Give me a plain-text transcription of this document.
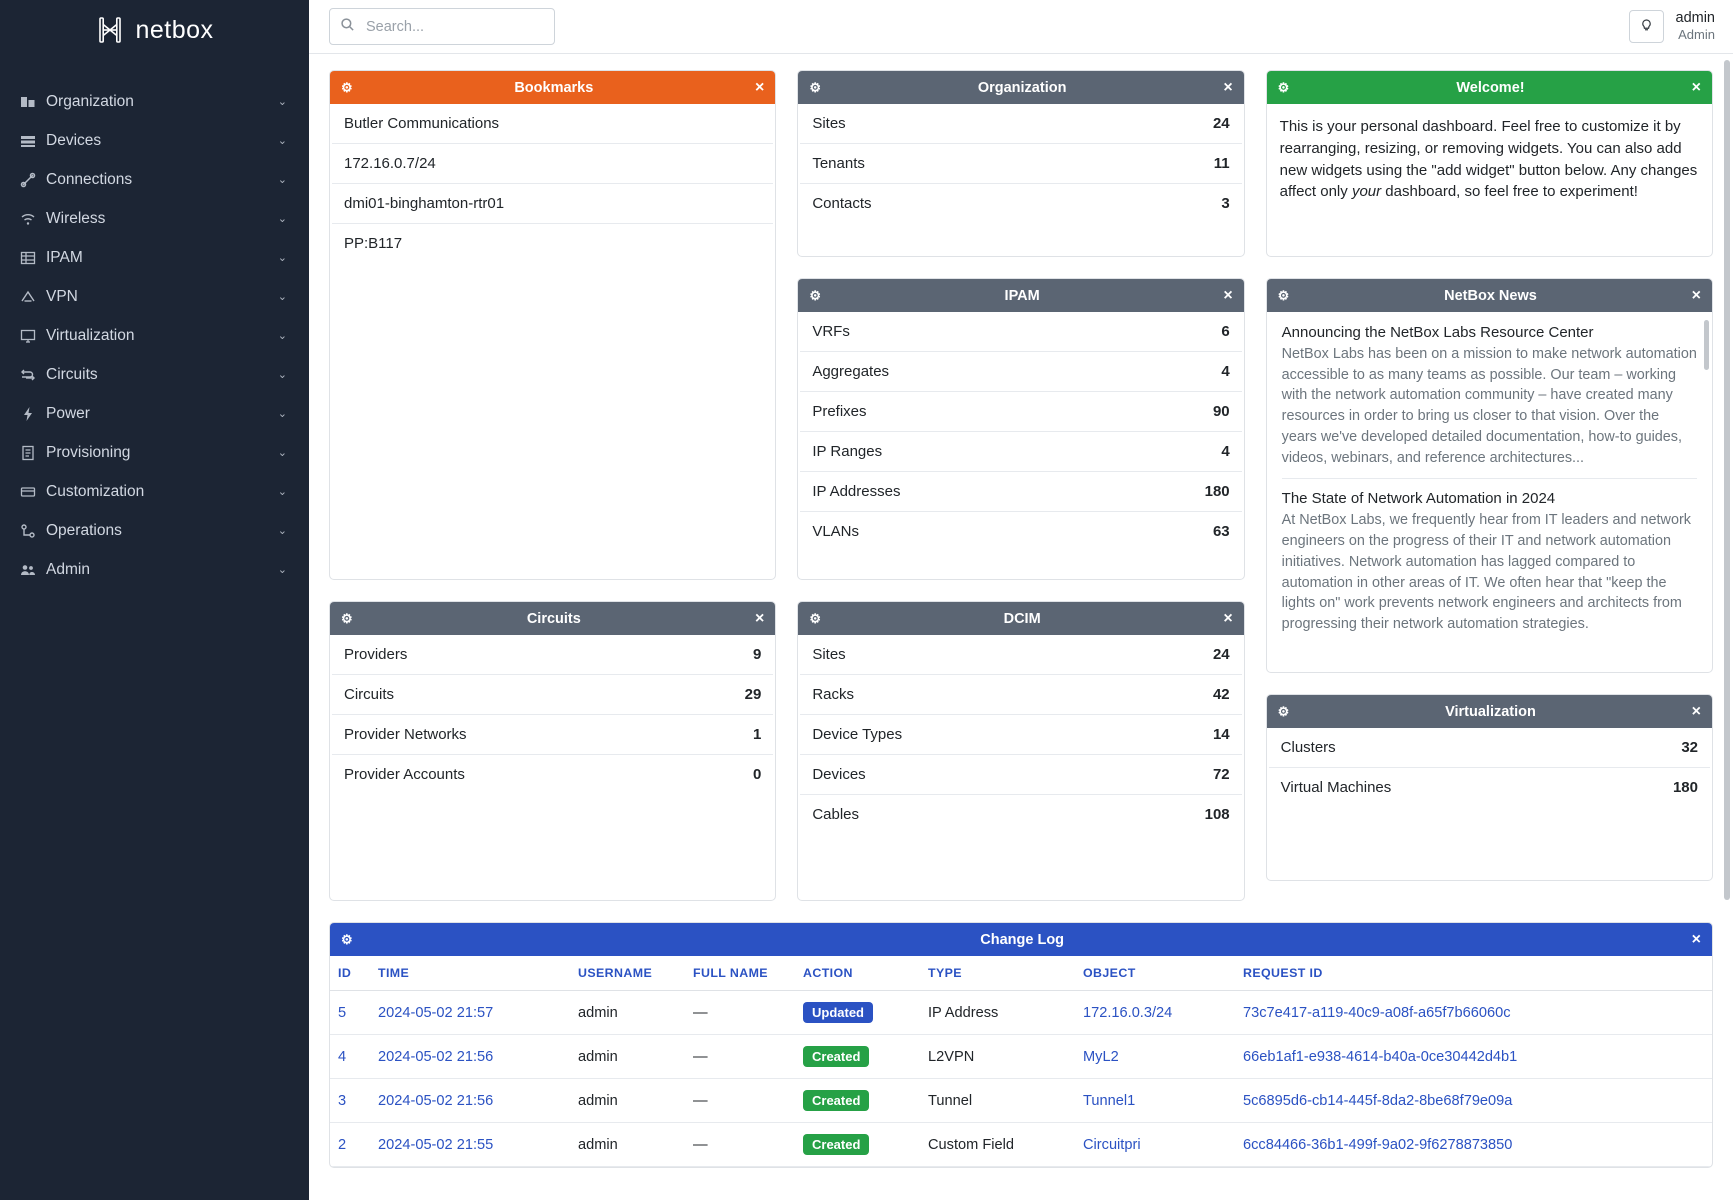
netbox
Organization	⌄
Devices	⌄
Connections	⌄
Wireless	⌄
IPAM	⌄
VPN	⌄
Virtualization	⌄
Circuits	⌄
Power	⌄
Provisioning	⌄
Customization	⌄
Operations	⌄
Admin	⌄
Search...
admin
Admin
⚙	Bookmarks	×
Butler Communications
172.16.0.7/24
dmi01-binghamton-rtr01
PP:B117
⚙	Circuits	×
Providers	9
Circuits	29
Provider Networks	1
Provider Accounts	0
⚙	Organization	×
Sites	24
Tenants	11
Contacts	3
⚙	IPAM	×
VRFs	6
Aggregates	4
Prefixes	90
IP Ranges	4
IP Addresses	180
VLANs	63
⚙	DCIM	×
Sites	24
Racks	42
Device Types	14
Devices	72
Cables	108
⚙	Welcome!	×
This is your personal dashboard. Feel free to customize it by rearranging, resizing, or removing widgets. You can also add new widgets using the "add widget" button below. Any changes affect only your dashboard, so feel free to experiment!
⚙	NetBox News	×
Announcing the NetBox Labs Resource Center
NetBox Labs has been on a mission to make network automation accessible to as many teams as possible. Our team – working with the network automation community – have created many resources in order to bring us closer to that vision. Over the years we've developed detailed documentation, how-to guides, videos, webinars, and reference architectures...
The State of Network Automation in 2024
At NetBox Labs, we frequently hear from IT leaders and network engineers on the progress of their IT and network automation initiatives. Network automation has lagged compared to automation in other areas of IT. We often hear that "keep the lights on" work prevents network engineers and architects from progressing their network automation strategies.
⚙	Virtualization	×
Clusters	32
Virtual Machines	180
⚙	Change Log	×
ID	TIME	USERNAME	FULL NAME	ACTION	TYPE	OBJECT	REQUEST ID
5	2024-05-02 21:57	admin	—	Updated	IP Address	172.16.0.3/24	73c7e417-a119-40c9-a08f-a65f7b66060c
4	2024-05-02 21:56	admin	—	Created	L2VPN	MyL2	66eb1af1-e938-4614-b40a-0ce30442d4b1
3	2024-05-02 21:56	admin	—	Created	Tunnel	Tunnel1	5c6895d6-cb14-445f-8da2-8be68f79e09a
2	2024-05-02 21:55	admin	—	Created	Custom Field	Circuitpri	6cc84466-36b1-499f-9a02-9f6278873850
